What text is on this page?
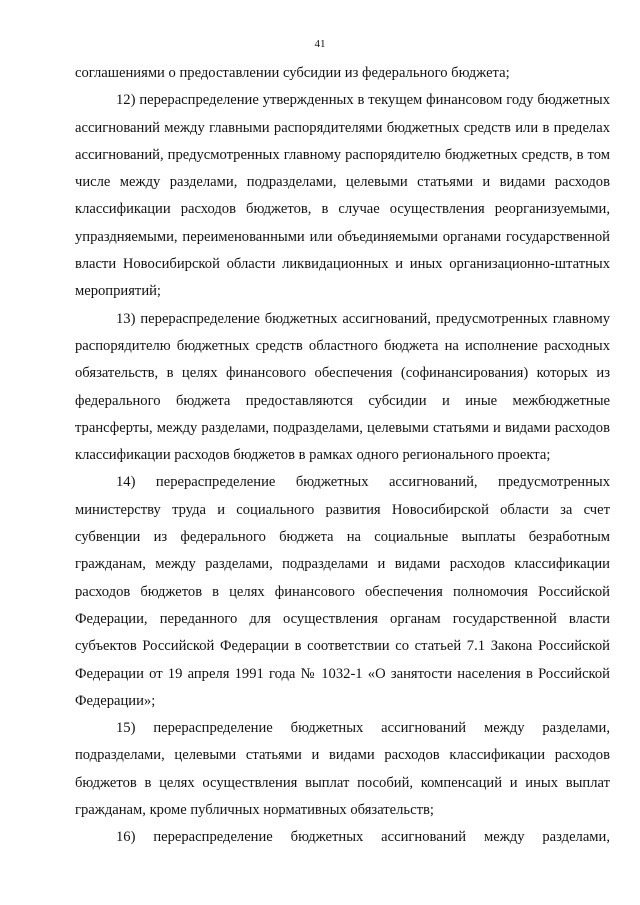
41

соглашениями о предоставлении субсидии из федерального бюджета;

12) перераспределение утвержденных в текущем финансовом году бюджетных ассигнований между главными распорядителями бюджетных средств или в пределах ассигнований, предусмотренных главному распорядителю бюджетных средств, в том числе между разделами, подразделами, целевыми статьями и видами расходов классификации расходов бюджетов, в случае осуществления реорганизуемыми, упраздняемыми, переименованными или объединяемыми органами государственной власти Новосибирской области ликвидационных и иных организационно-штатных мероприятий;

13) перераспределение бюджетных ассигнований, предусмотренных главному распорядителю бюджетных средств областного бюджета на исполнение расходных обязательств, в целях финансового обеспечения (софинансирования) которых из федерального бюджета предоставляются субсидии и иные межбюджетные трансферты, между разделами, подразделами, целевыми статьями и видами расходов классификации расходов бюджетов в рамках одного регионального проекта;

14) перераспределение бюджетных ассигнований, предусмотренных министерству труда и социального развития Новосибирской области за счет субвенции из федерального бюджета на социальные выплаты безработным гражданам, между разделами, подразделами и видами расходов классификации расходов бюджетов в целях финансового обеспечения полномочия Российской Федерации, переданного для осуществления органам государственной власти субъектов Российской Федерации в соответствии со статьей 7.1 Закона Российской Федерации от 19 апреля 1991 года № 1032-1 «О занятости населения в Российской Федерации»;

15) перераспределение бюджетных ассигнований между разделами, подразделами, целевыми статьями и видами расходов классификации расходов бюджетов в целях осуществления выплат пособий, компенсаций и иных выплат гражданам, кроме публичных нормативных обязательств;

16) перераспределение бюджетных ассигнований между разделами,
